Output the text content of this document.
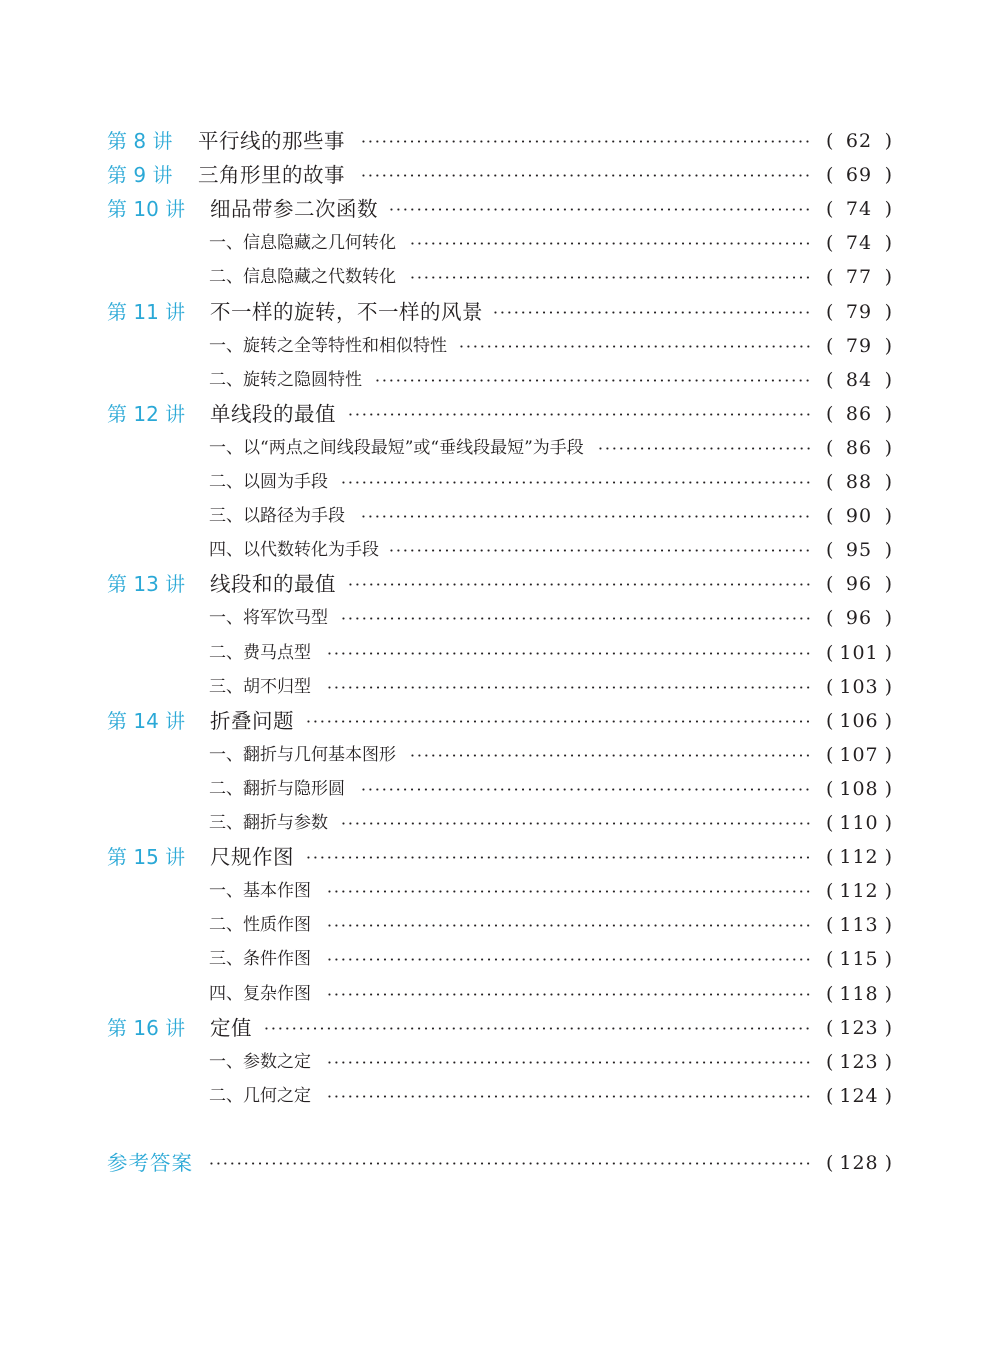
第 8 讲 平行线的那些事	( 62 )
第 9 讲 三角形里的故事	( 69 )
第 10 讲 细品带参二次函数	( 74 )
一、信息隐藏之几何转化	( 74 )
二、信息隐藏之代数转化	( 77 )
第 11 讲 不一样的旋转，不一样的风景	( 79 )
一、旋转之全等特性和相似特性	( 79 )
二、旋转之隐圆特性	( 84 )
第 12 讲 单线段的最值	( 86 )
一、以“两点之间线段最短”或“垂线段最短”为手段	( 86 )
二、以圆为手段	( 88 )
三、以路径为手段	( 90 )
四、以代数转化为手段	( 95 )
第 13 讲 线段和的最值	( 96 )
一、将军饮马型	( 96 )
二、费马点型	( 101 )
三、胡不归型	( 103 )
第 14 讲 折叠问题	( 106 )
一、翻折与几何基本图形	( 107 )
二、翻折与隐形圆	( 108 )
三、翻折与参数	( 110 )
第 15 讲 尺规作图	( 112 )
一、基本作图	( 112 )
二、性质作图	( 113 )
三、条件作图	( 115 )
四、复杂作图	( 118 )
第 16 讲 定值	( 123 )
一、参数之定	( 123 )
二、几何之定	( 124 )
参考答案	( 128 )
